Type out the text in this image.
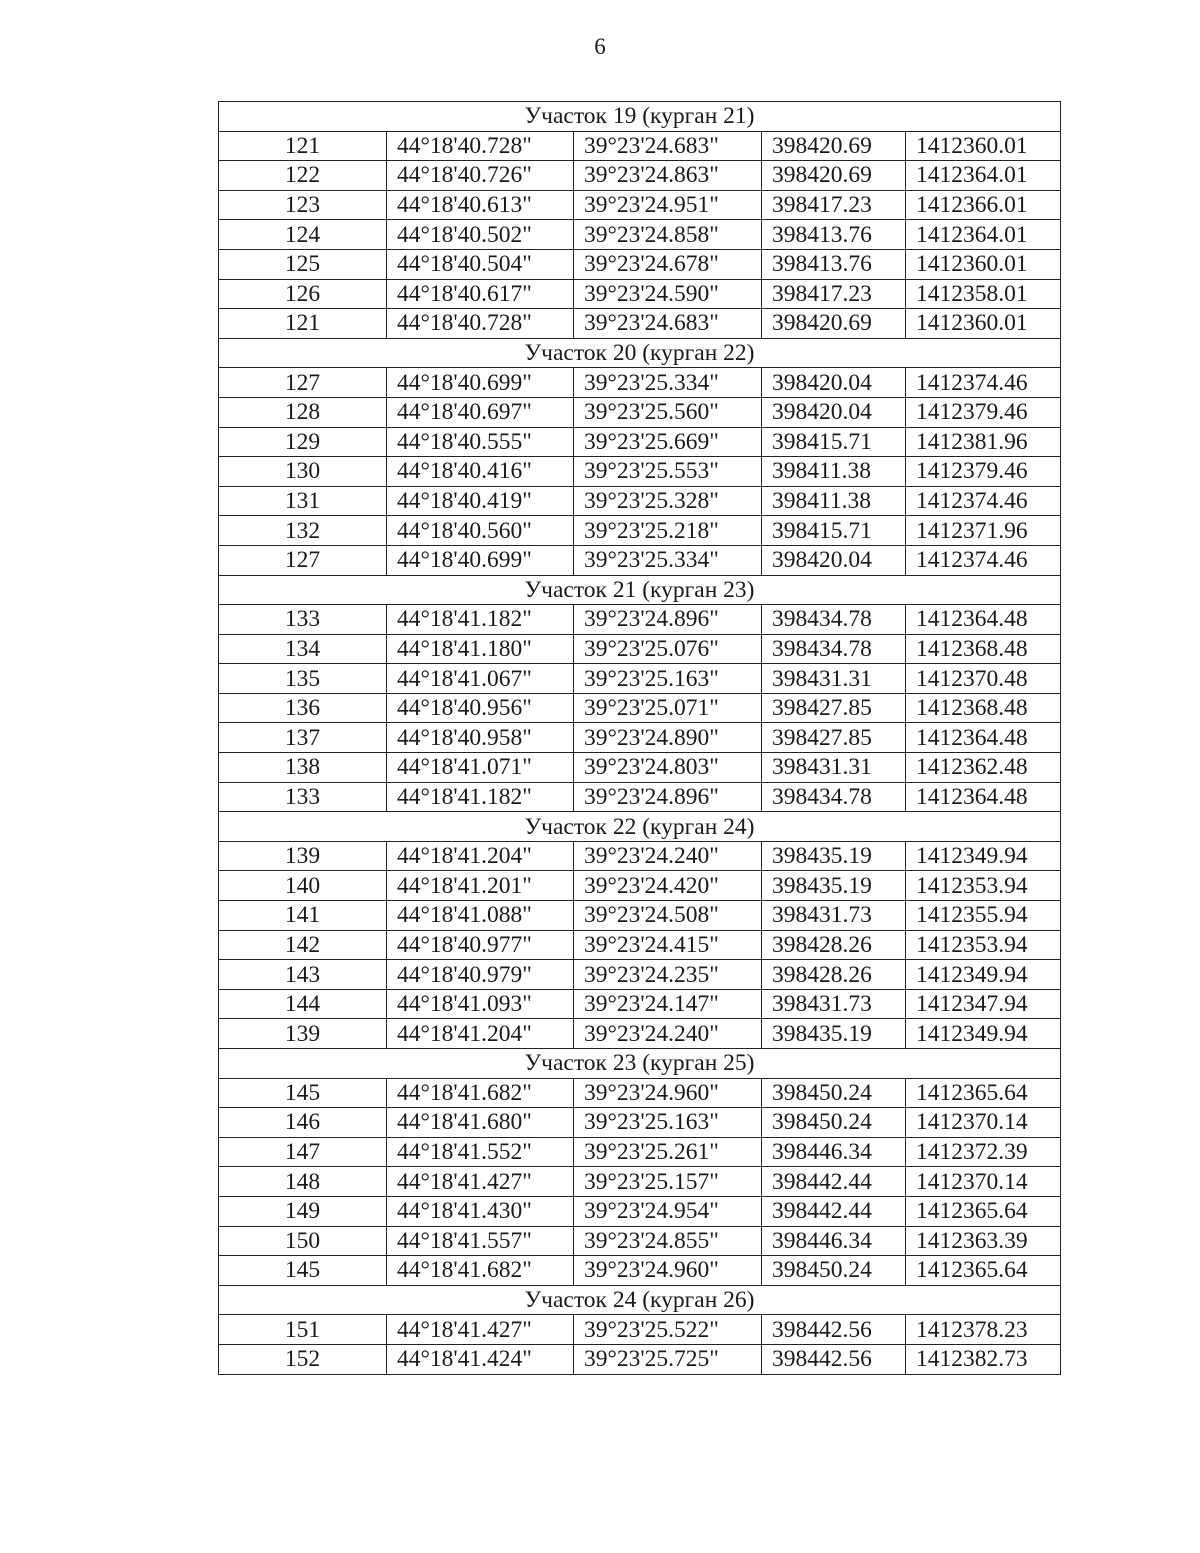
6
Участок 19 (курган 21)				
121	44°18'40.728"	39°23'24.683"	398420.69	1412360.01
122	44°18'40.726"	39°23'24.863"	398420.69	1412364.01
123	44°18'40.613"	39°23'24.951"	398417.23	1412366.01
124	44°18'40.502"	39°23'24.858"	398413.76	1412364.01
125	44°18'40.504"	39°23'24.678"	398413.76	1412360.01
126	44°18'40.617"	39°23'24.590"	398417.23	1412358.01
121	44°18'40.728"	39°23'24.683"	398420.69	1412360.01
Участок 20 (курган 22)				
127	44°18'40.699"	39°23'25.334"	398420.04	1412374.46
128	44°18'40.697"	39°23'25.560"	398420.04	1412379.46
129	44°18'40.555"	39°23'25.669"	398415.71	1412381.96
130	44°18'40.416"	39°23'25.553"	398411.38	1412379.46
131	44°18'40.419"	39°23'25.328"	398411.38	1412374.46
132	44°18'40.560"	39°23'25.218"	398415.71	1412371.96
127	44°18'40.699"	39°23'25.334"	398420.04	1412374.46
Участок 21 (курган 23)				
133	44°18'41.182"	39°23'24.896"	398434.78	1412364.48
134	44°18'41.180"	39°23'25.076"	398434.78	1412368.48
135	44°18'41.067"	39°23'25.163"	398431.31	1412370.48
136	44°18'40.956"	39°23'25.071"	398427.85	1412368.48
137	44°18'40.958"	39°23'24.890"	398427.85	1412364.48
138	44°18'41.071"	39°23'24.803"	398431.31	1412362.48
133	44°18'41.182"	39°23'24.896"	398434.78	1412364.48
Участок 22 (курган 24)				
139	44°18'41.204"	39°23'24.240"	398435.19	1412349.94
140	44°18'41.201"	39°23'24.420"	398435.19	1412353.94
141	44°18'41.088"	39°23'24.508"	398431.73	1412355.94
142	44°18'40.977"	39°23'24.415"	398428.26	1412353.94
143	44°18'40.979"	39°23'24.235"	398428.26	1412349.94
144	44°18'41.093"	39°23'24.147"	398431.73	1412347.94
139	44°18'41.204"	39°23'24.240"	398435.19	1412349.94
Участок 23 (курган 25)				
145	44°18'41.682"	39°23'24.960"	398450.24	1412365.64
146	44°18'41.680"	39°23'25.163"	398450.24	1412370.14
147	44°18'41.552"	39°23'25.261"	398446.34	1412372.39
148	44°18'41.427"	39°23'25.157"	398442.44	1412370.14
149	44°18'41.430"	39°23'24.954"	398442.44	1412365.64
150	44°18'41.557"	39°23'24.855"	398446.34	1412363.39
145	44°18'41.682"	39°23'24.960"	398450.24	1412365.64
Участок 24 (курган 26)				
151	44°18'41.427"	39°23'25.522"	398442.56	1412378.23
152	44°18'41.424"	39°23'25.725"	398442.56	1412382.73
